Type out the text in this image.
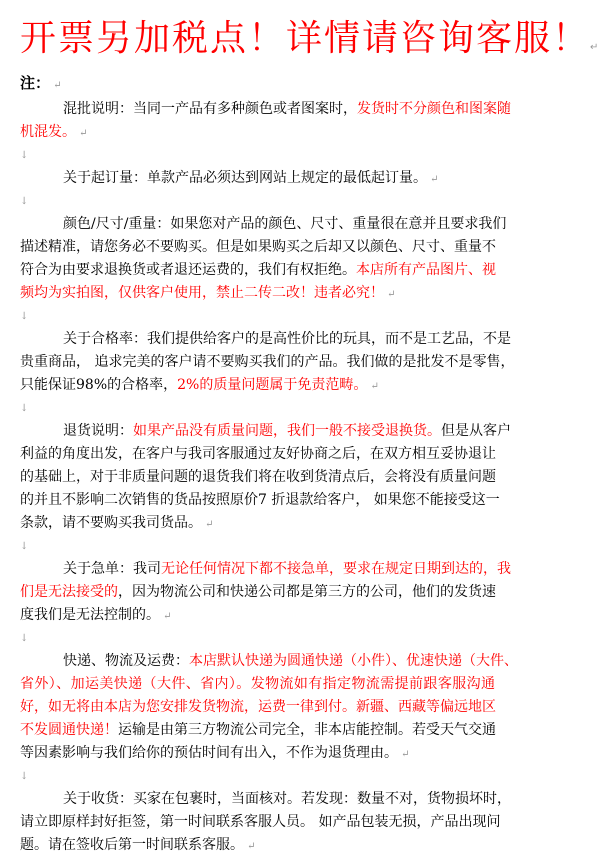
开票另加税点！详情请咨询客服！ ↵
注： ↵
混批说明：当同一产品有多种颜色或者图案时，发货时不分颜色和图案随
机混发。 ↵
↓
关于起订量：单款产品必须达到网站上规定的最低起订量。 ↵
↓
颜色/尺寸/重量：如果您对产品的颜色、尺寸、重量很在意并且要求我们
描述精准，请您务必不要购买。但是如果购买之后却又以颜色、尺寸、重量不
符合为由要求退换货或者退还运费的，我们有权拒绝。本店所有产品图片、视
频均为实拍图，仅供客户使用，禁止二传二改！违者必究！ ↵
↓
关于合格率：我们提供给客户的是高性价比的玩具，而不是工艺品，不是
贵重商品， 追求完美的客户请不要购买我们的产品。我们做的是批发不是零售，
只能保证98%的合格率，2%的质量问题属于免责范畴。 ↵
↓
退货说明：如果产品没有质量问题，我们一般不接受退换货。但是从客户
利益的角度出发，在客户与我司客服通过友好协商之后，在双方相互妥协退让
的基础上，对于非质量问题的退货我们将在收到货清点后，会将没有质量问题
的并且不影响二次销售的货品按照原价7 折退款给客户， 如果您不能接受这一
条款，请不要购买我司货品。 ↵
↓
关于急单：我司无论任何情况下都不接急单，要求在规定日期到达的，我
们是无法接受的，因为物流公司和快递公司都是第三方的公司，他们的发货速
度我们是无法控制的。 ↵
↓
快递、物流及运费：本店默认快递为圆通快递（小件）、优速快递（大件、
省外）、加运美快递（大件、省内）。发物流如有指定物流需提前跟客服沟通
好，如无将由本店为您安排发货物流，运费一律到付。新疆、西藏等偏远地区
不发圆通快递！运输是由第三方物流公司完全，非本店能控制。若受天气交通
等因素影响与我们给你的预估时间有出入，不作为退货理由。 ↵
↓
关于收货：买家在包裹时，当面核对。若发现：数量不对，货物损坏时，
请立即原样封好拒签，第一时间联系客服人员。 如产品包装无损，产品出现问
题。请在签收后第一时间联系客服。 ↵
